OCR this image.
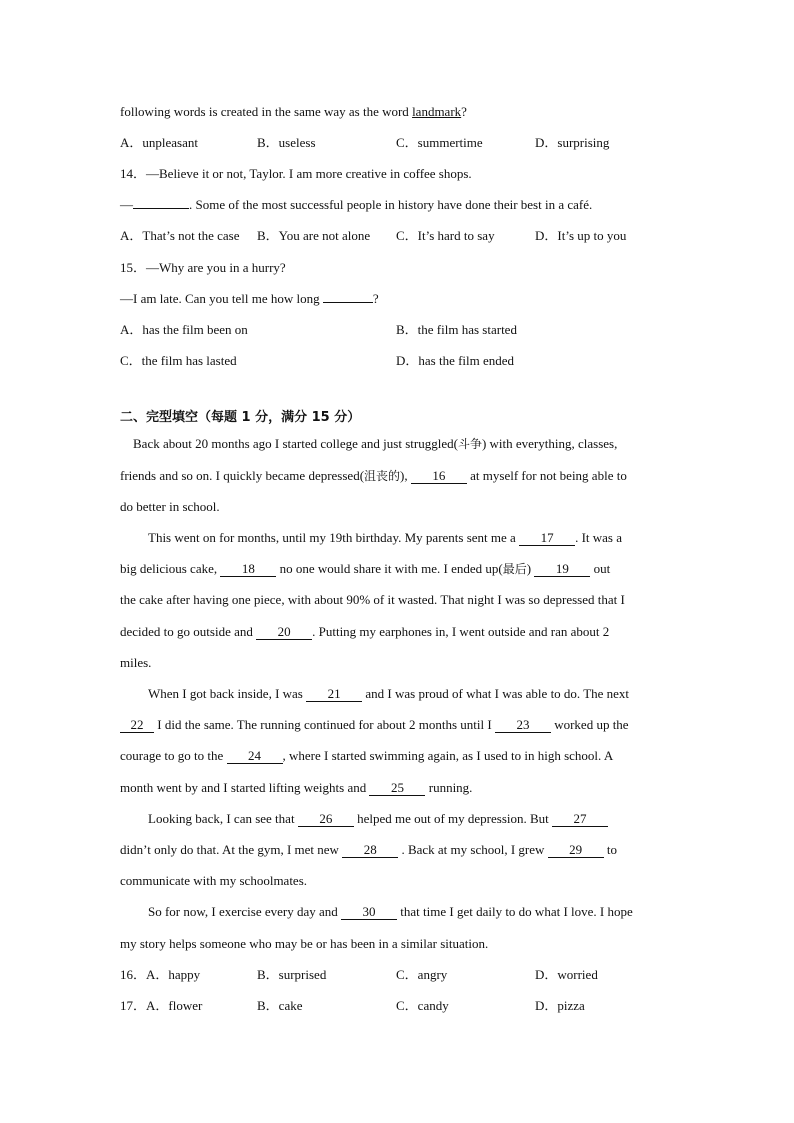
following words is created in the same way as the word landmark?
A．unpleasant	B．useless	C．summertime	D．surprising
14．—Believe it or not, Taylor. I am more creative in coffee shops.
—	. Some of the most successful people in history have done their best in a café.
A．That’s not the case B．You are not alone C．It’s hard to say	D．It’s up to you
15．—Why are you in a hurry?
—I am late. Can you tell me how long	?
A．has the film been on	B．the film has started
C．the film has lasted	D．has the film ended
二、完型填空（每题 1 分，满分 15 分）
Back about 20 months ago I started college and just struggled(斗争) with everything, classes,
friends and so on. I quickly became depressed(沮丧的), 16 at myself for not being able to
do better in school.
This went on for months, until my 19th birthday. My parents sent me a 17 . It was a
big delicious cake, 18 no one would share it with me. I ended up(最后) 19 out
the cake after having one piece, with about 90% of it wasted. That night I was so depressed that I
decided to go outside and 20 . Putting my earphones in, I went outside and ran about 2
miles.
When I got back inside, I was 21 and I was proud of what I was able to do. The next
22 I did the same. The running continued for about 2 months until I 23 worked up the
courage to go to the 24 , where I started swimming again, as I used to in high school. A
month went by and I started lifting weights and 25 running.
Looking back, I can see that 26 helped me out of my depression. But 27
didn’t only do that. At the gym, I met new 28 . Back at my school, I grew 29 to
communicate with my schoolmates.
So for now, I exercise every day and 30 that time I get daily to do what I love. I hope
my story helps someone who may be or has been in a similar situation.
16．A．happy	B．surprised	C．angry	D．worried
17．A．flower	B．cake	C．candy	D．pizza
